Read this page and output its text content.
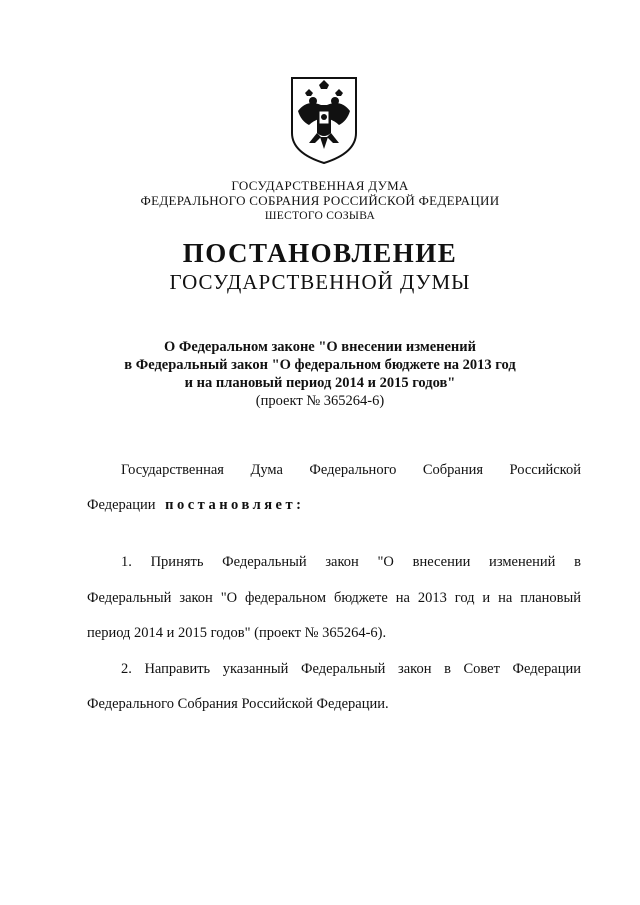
ГОСУДАРСТВЕННАЯ ДУМА
ФЕДЕРАЛЬНОГО СОБРАНИЯ РОССИЙСКОЙ ФЕДЕРАЦИИ
ШЕСТОГО СОЗЫВА
ПОСТАНОВЛЕНИЕ
ГОСУДАРСТВЕННОЙ ДУМЫ
О Федеральном законе "О внесении изменений
в Федеральный закон "О федеральном бюджете на 2013 год
и на плановый период 2014 и 2015 годов"
(проект № 365264-6)
Государственная Дума Федерального Собрания Российской
Федерации постановляет:
1. Принять Федеральный закон "О внесении изменений в
Федеральный закон "О федеральном бюджете на 2013 год и на плановый
период 2014 и 2015 годов" (проект № 365264-6).
2. Направить указанный Федеральный закон в Совет Федерации
Федерального Собрания Российской Федерации.
